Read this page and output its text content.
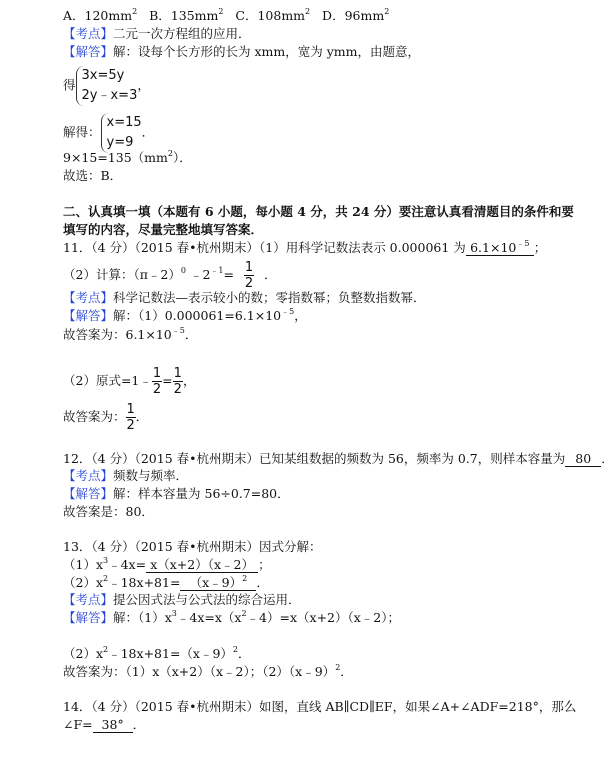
A．$120mm^2$ B．$135mm^2$ C．$108mm^2$ D．$96mm^2$
【考点】二元一次方程组的应用．
【解答】解：设每个长方形的长为 xmm，宽为 ymm，由题意，
得3x=5y
2y﹣x=3，
解得：x=15
y=9．
$9\times 15=135(mm^2)$．
故选：B．
二、认真填一填（本题有 6 小题，每小题 4 分，共 24 分）要注意认真看清题目的条件和要
填写的内容，尽量完整地填写答案．
11．（4 分）（2015 春•杭州期末）（1）用科学记数法表示 0.000061 为 $6.1\times 10^{﹣5}$ ；
（2）计算：（π﹣2）$^0$ $﹣2^{﹣1}= \frac{1}{2}$ ．
【考点】科学记数法—表示较小的数；零指数幂；负整数指数幂．
【解答】解：$(1)0.000061=6.1\times 10^{﹣5}$，
故答案为：$6.1\times 10^{﹣5}$．
（2）原式=1﹣ $\frac{1}{2} = \frac{1}{2}$ ，
故答案为： $\frac{1}{2}$ ．
12．（4 分）（2015 春•杭州期末）已知某组数据的频数为 56，频率为 0.7，则样本容量为 80 ．
【考点】频数与频率．
【解答】解：样本容量为 56÷0.7=80．
故答案是：80．
13．（4 分）（2015 春•杭州期末）因式分解：
$(1)x^3﹣4x=$ x（x+2）（x﹣2） ；
$(2)x^2﹣18x+81=$ （x﹣9）$^2$ ．
【考点】提公因式法与公式法的综合运用．
【解答】解：$(1)x^3﹣4x=x(x^2﹣4)=x(x+2)(x﹣2)$；
$(2)x^2﹣18x+81=(x﹣9)^2$．
故答案为：（1）x（x+2）（x﹣2）；（2）（x﹣9）$^2$．
14．（4 分）（2015 春•杭州期末）如图，直线 AB∥CD∥EF，如果∠A+∠ADF=218°，那么
∠F= 38° ．
